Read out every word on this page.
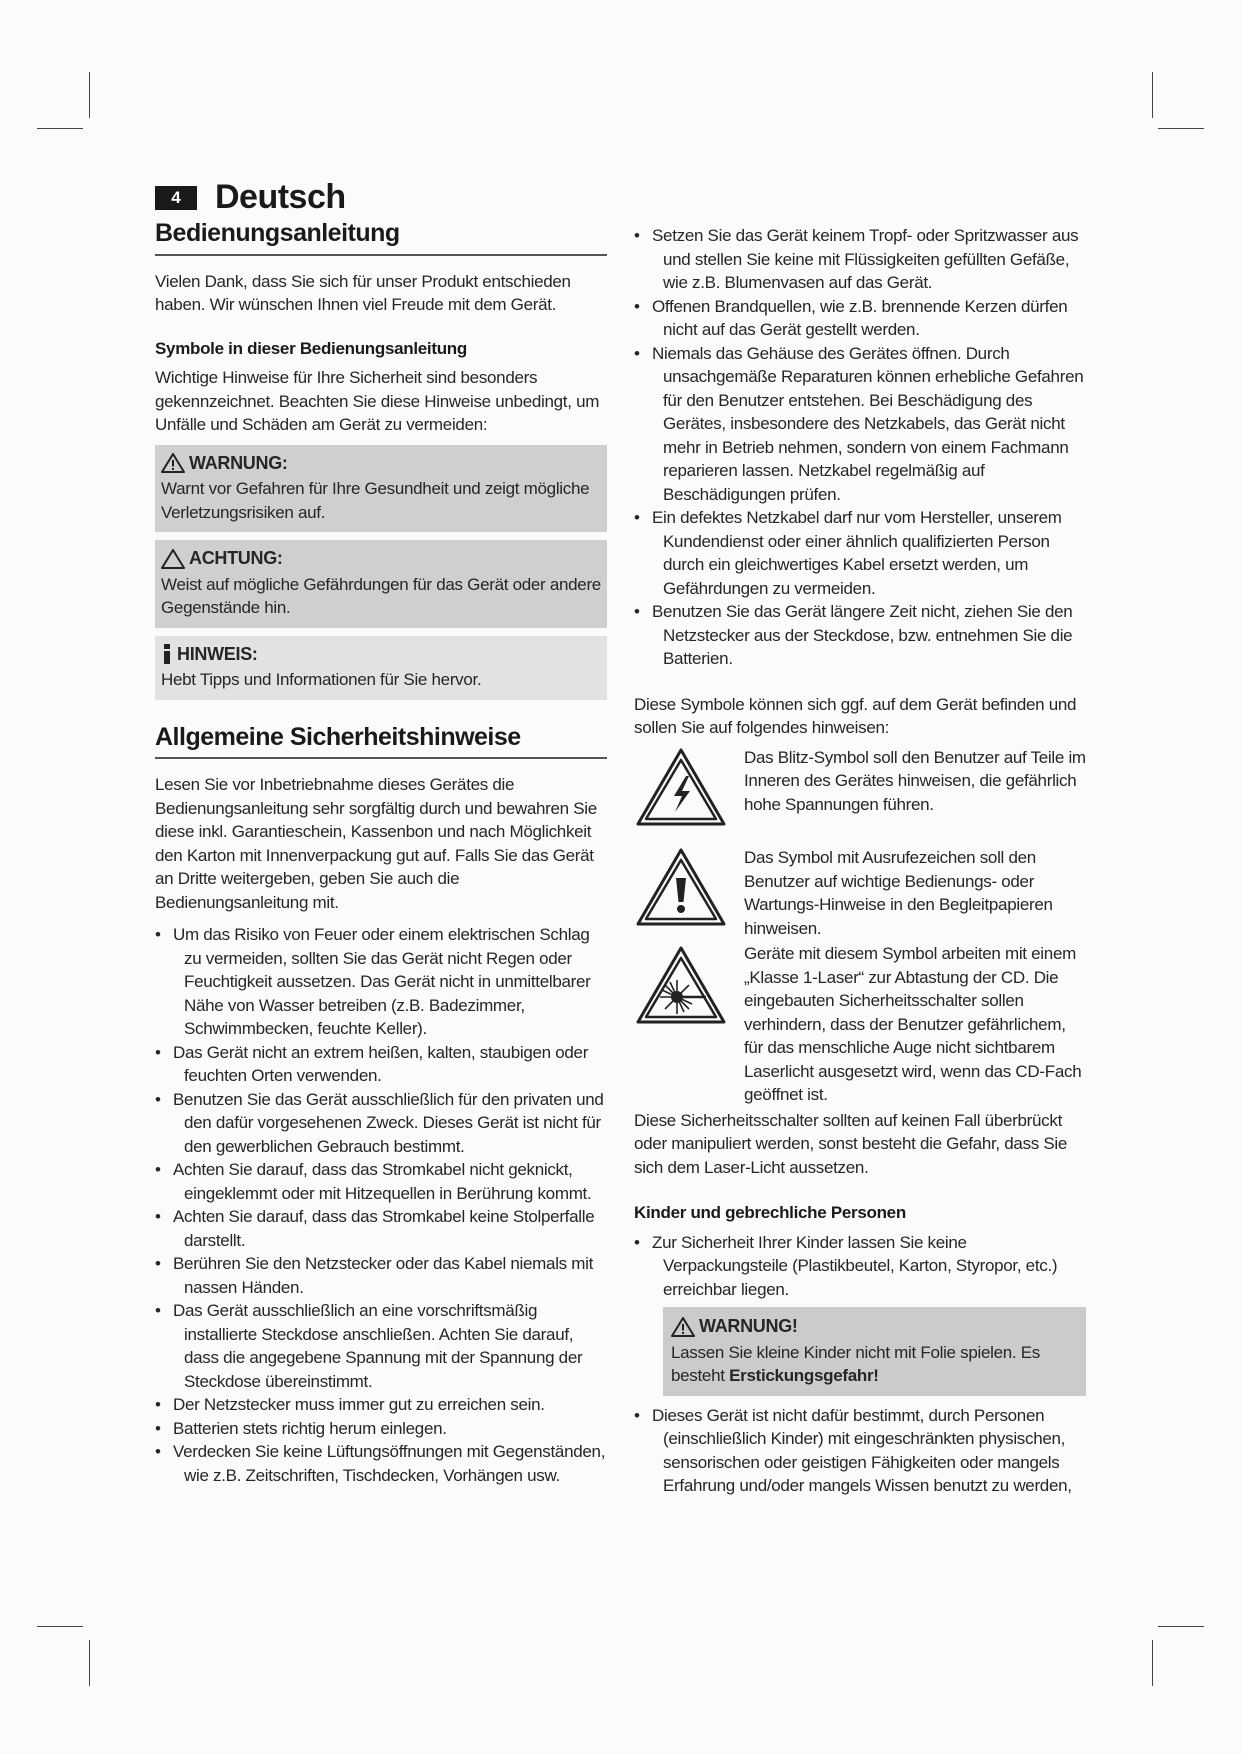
4	Deutsch
Bedienungsanleitung

Vielen Dank, dass Sie sich für unser Produkt entschieden haben. Wir wünschen Ihnen viel Freude mit dem Gerät.

Symbole in dieser Bedienungsanleitung

Wichtige Hinweise für Ihre Sicherheit sind besonders gekennzeichnet. Beachten Sie diese Hinweise unbedingt, um Unfälle und Schäden am Gerät zu vermeiden:

WARNUNG:
Warnt vor Gefahren für Ihre Gesundheit und zeigt mögliche Verletzungsrisiken auf.
ACHTUNG:
Weist auf mögliche Gefährdungen für das Gerät oder andere Gegenstände hin.
HINWEIS:
Hebt Tipps und Informationen für Sie hervor.
Allgemeine Sicherheitshinweise

Lesen Sie vor Inbetriebnahme dieses Gerätes die Bedienungsanleitung sehr sorgfältig durch und bewahren Sie diese inkl. Garantieschein, Kassenbon und nach Möglichkeit den Karton mit Innenverpackung gut auf. Falls Sie das Gerät an Dritte weitergeben, geben Sie auch die Bedienungsanleitung mit.

• Um das Risiko von Feuer oder einem elektrischen Schlag zu vermeiden, sollten Sie das Gerät nicht Regen oder Feuchtigkeit aussetzen. Das Gerät nicht in unmittelbarer Nähe von Wasser betreiben (z.B. Badezimmer, Schwimmbecken, feuchte Keller).
• Das Gerät nicht an extrem heißen, kalten, staubigen oder feuchten Orten verwenden.
• Benutzen Sie das Gerät ausschließlich für den privaten und den dafür vorgesehenen Zweck. Dieses Gerät ist nicht für den gewerblichen Gebrauch bestimmt.
• Achten Sie darauf, dass das Stromkabel nicht geknickt, eingeklemmt oder mit Hitzequellen in Berührung kommt.
• Achten Sie darauf, dass das Stromkabel keine Stolperfalle darstellt.
• Berühren Sie den Netzstecker oder das Kabel niemals mit nassen Händen.
• Das Gerät ausschließlich an eine vorschriftsmäßig installierte Steckdose anschließen. Achten Sie darauf, dass die angegebene Spannung mit der Spannung der Steckdose übereinstimmt.
• Der Netzstecker muss immer gut zu erreichen sein.
• Batterien stets richtig herum einlegen.
• Verdecken Sie keine Lüftungsöffnungen mit Gegenständen, wie z.B. Zeitschriften, Tischdecken, Vorhängen usw.
• Setzen Sie das Gerät keinem Tropf- oder Spritzwasser aus und stellen Sie keine mit Flüssigkeiten gefüllten Gefäße, wie z.B. Blumenvasen auf das Gerät.
• Offenen Brandquellen, wie z.B. brennende Kerzen dürfen nicht auf das Gerät gestellt werden.
• Niemals das Gehäuse des Gerätes öffnen. Durch unsachgemäße Reparaturen können erhebliche Gefahren für den Benutzer entstehen. Bei Beschädigung des Gerätes, insbesondere des Netzkabels, das Gerät nicht mehr in Betrieb nehmen, sondern von einem Fachmann reparieren lassen. Netzkabel regelmäßig auf Beschädigungen prüfen.
• Ein defektes Netzkabel darf nur vom Hersteller, unserem Kundendienst oder einer ähnlich qualifizierten Person durch ein gleichwertiges Kabel ersetzt werden, um Gefährdungen zu vermeiden.
• Benutzen Sie das Gerät längere Zeit nicht, ziehen Sie den Netzstecker aus der Steckdose, bzw. entnehmen Sie die Batterien.

Diese Symbole können sich ggf. auf dem Gerät befinden und sollen Sie auf folgendes hinweisen:

Das Blitz-Symbol soll den Benutzer auf Teile im Inneren des Gerätes hinweisen, die gefährlich hohe Spannungen führen.
Das Symbol mit Ausrufezeichen soll den Benutzer auf wichtige Bedienungs- oder Wartungs-Hinweise in den Begleitpapieren hinweisen.
Geräte mit diesem Symbol arbeiten mit einem „Klasse 1-Laser“ zur Abtastung der CD. Die eingebauten Sicherheitsschalter sollen verhindern, dass der Benutzer gefährlichem, für das menschliche Auge nicht sichtbarem Laserlicht ausgesetzt wird, wenn das CD-Fach geöffnet ist.

Diese Sicherheitsschalter sollten auf keinen Fall überbrückt oder manipuliert werden, sonst besteht die Gefahr, dass Sie sich dem Laser-Licht aussetzen.

Kinder und gebrechliche Personen
• Zur Sicherheit Ihrer Kinder lassen Sie keine Verpackungsteile (Plastikbeutel, Karton, Styropor, etc.) erreichbar liegen.
WARNUNG!
Lassen Sie kleine Kinder nicht mit Folie spielen. Es besteht Erstickungsgefahr!
• Dieses Gerät ist nicht dafür bestimmt, durch Personen (einschließlich Kinder) mit eingeschränkten physischen, sensorischen oder geistigen Fähigkeiten oder mangels Erfahrung und/oder mangels Wissen benutzt zu werden,
